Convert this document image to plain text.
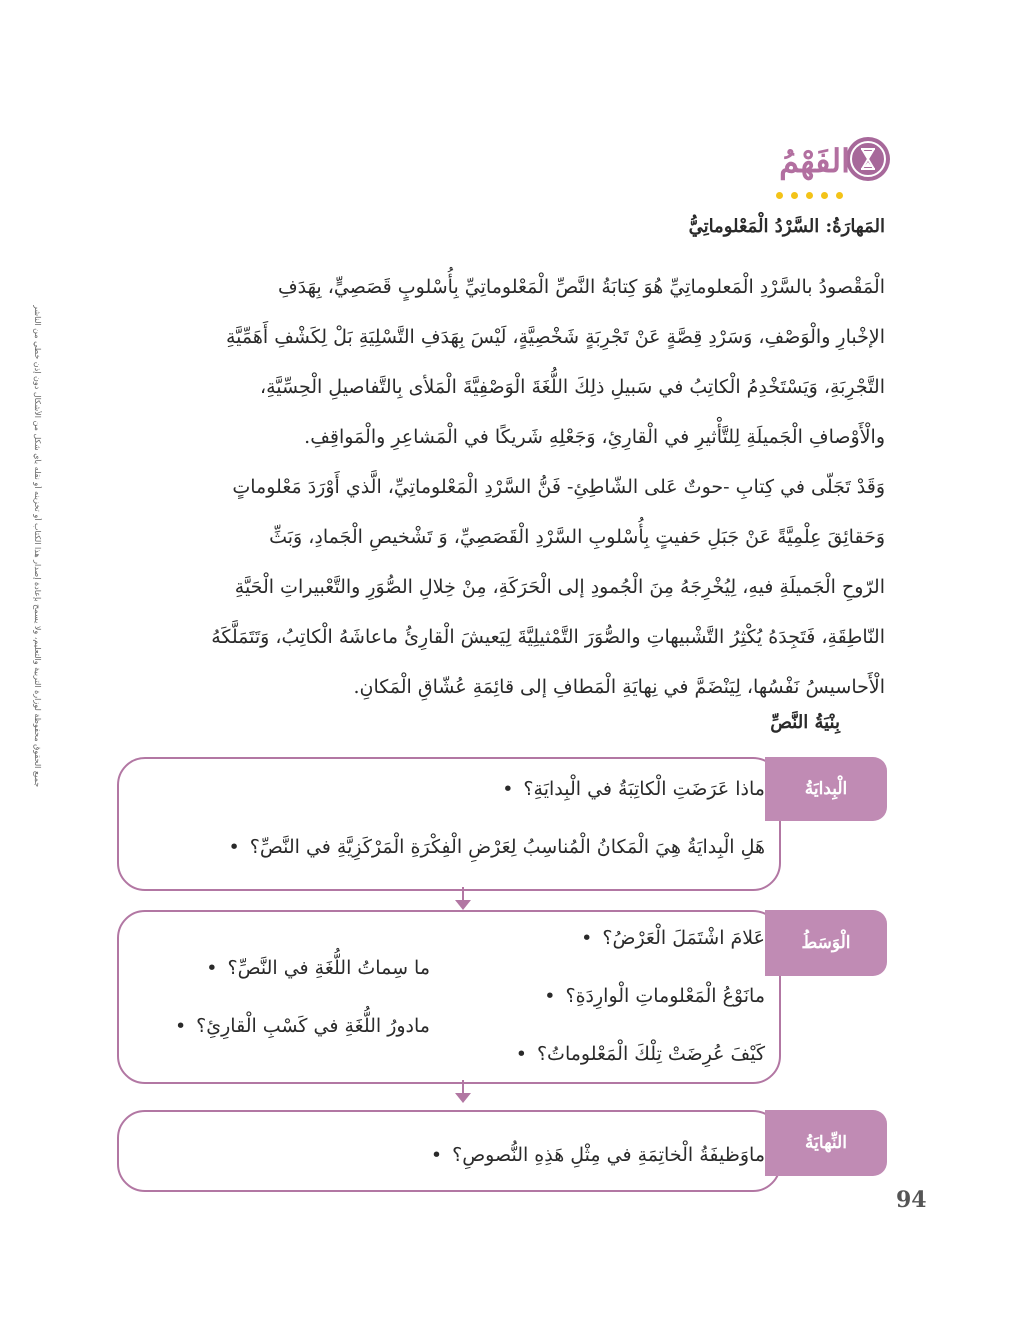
الفَهْمُ
المَهارَةُ: السَّرْدُ الْمَعْلوماتِيُّ
الْمَقْصودُ بالسَّرْدِ الْمَعلوماتِيِّ هُوَ كِتابَةُ النَّصِّ الْمَعْلوماتِيِّ بِأُسْلوبٍ قَصَصِيٍّ، بِهَدَفِ
الإخْبارِ والْوَصْفِ، وَسَرْدِ قِصَّةٍ عَنْ تَجْرِبَةٍ شَخْصِيَّةٍ، لَيْسَ بِهَدَفِ التَّسْلِيَةِ بَلْ لِكَشْفِ أَهَمِّيَّةِ
التَّجْرِبَةِ، وَيَسْتَخْدِمُ الْكاتِبُ في سَبيلِ ذلِكَ اللُّغَةَ الْوَصْفِيَّةَ الْمَلأى بِالتَّفاصيلِ الْحِسِّيَّةِ،
والْأَوْصافِ الْجَميلَةِ لِلتَّأْثيرِ في الْقارِئِ، وَجَعْلِهِ شَريكًا في الْمَشاعِرِ والْمَواقِفِ.
وَقَدْ تَجَلّى في كِتابِ -حوتٌ عَلى الشّاطِئِ- فَنُّ السَّرْدِ الْمَعْلوماتِيِّ، الَّذي أَوْرَدَ مَعْلوماتٍ
وَحَقائِقَ عِلْمِيَّةً عَنْ جَبَلِ حَفيتٍ بِأُسْلوبِ السَّرْدِ الْقَصَصِيِّ، وَ تَشْخيصِ الْجَمادِ، وَبَثِّ
الرّوحِ الْجَميلَةِ فيهِ، لِيُخْرِجَهُ مِنَ الْجُمودِ إلى الْحَرَكَةِ، مِنْ خِلالِ الصُّوَرِ والتَّعْبيراتِ الْحَيَّةِ
النّاطِقَةِ، فَتَجِدَهُ يُكْثِرُ التَّشْبيهاتِ والصُّوَرَ التَّمْثيلِيَّةَ لِيَعيشَ الْقارِئُ ماعاشَهُ الْكاتِبُ، وَتَتَمَلَّكَهُ
الْأَحاسيسُ نَفْسُها، لِيَنْضَمَّ في نِهايَةِ الْمَطافِ إلى قائِمَةِ عُشّاقِ الْمَكانِ.
بِنْيَةُ النَّصِّ
جميع الحقوق محفوظة لوزارة التربية والتعليم، ولا يسمح بإعادة إصدار هذا الكتاب أو تخزينه أو نقله بأي شكل من الأشكال دون إذن خطي من الناشر
الْبِدايَةُ
ماذا عَرَضَتِ الْكاتِبَةُ في الْبِدايَةِ؟ •
هَلِ الْبِدايَةُ هِيَ الْمَكانُ الْمُناسِبُ لِعَرْضِ الْفِكْرَةِ الْمَرْكَزِيَّةِ في النَّصِّ؟ •
الْوَسَطُ
عَلامَ اشْتَمَلَ الْعَرْضُ؟ •
مانَوْعُ الْمَعْلوماتِ الْوارِدَةِ؟ •
كَيْفَ عُرِضَتْ تِلْكَ الْمَعْلوماتُ؟ •
ما سِماتُ اللُّغَةِ في النَّصِّ؟ •
مادورُ اللُّغَةِ في كَسْبِ الْقارِئِ؟ •
النِّهايَةُ
ماوَظيفَةُ الْخاتِمَةِ في مِثْلِ هَذِهِ النُّصوصِ؟ •
94
